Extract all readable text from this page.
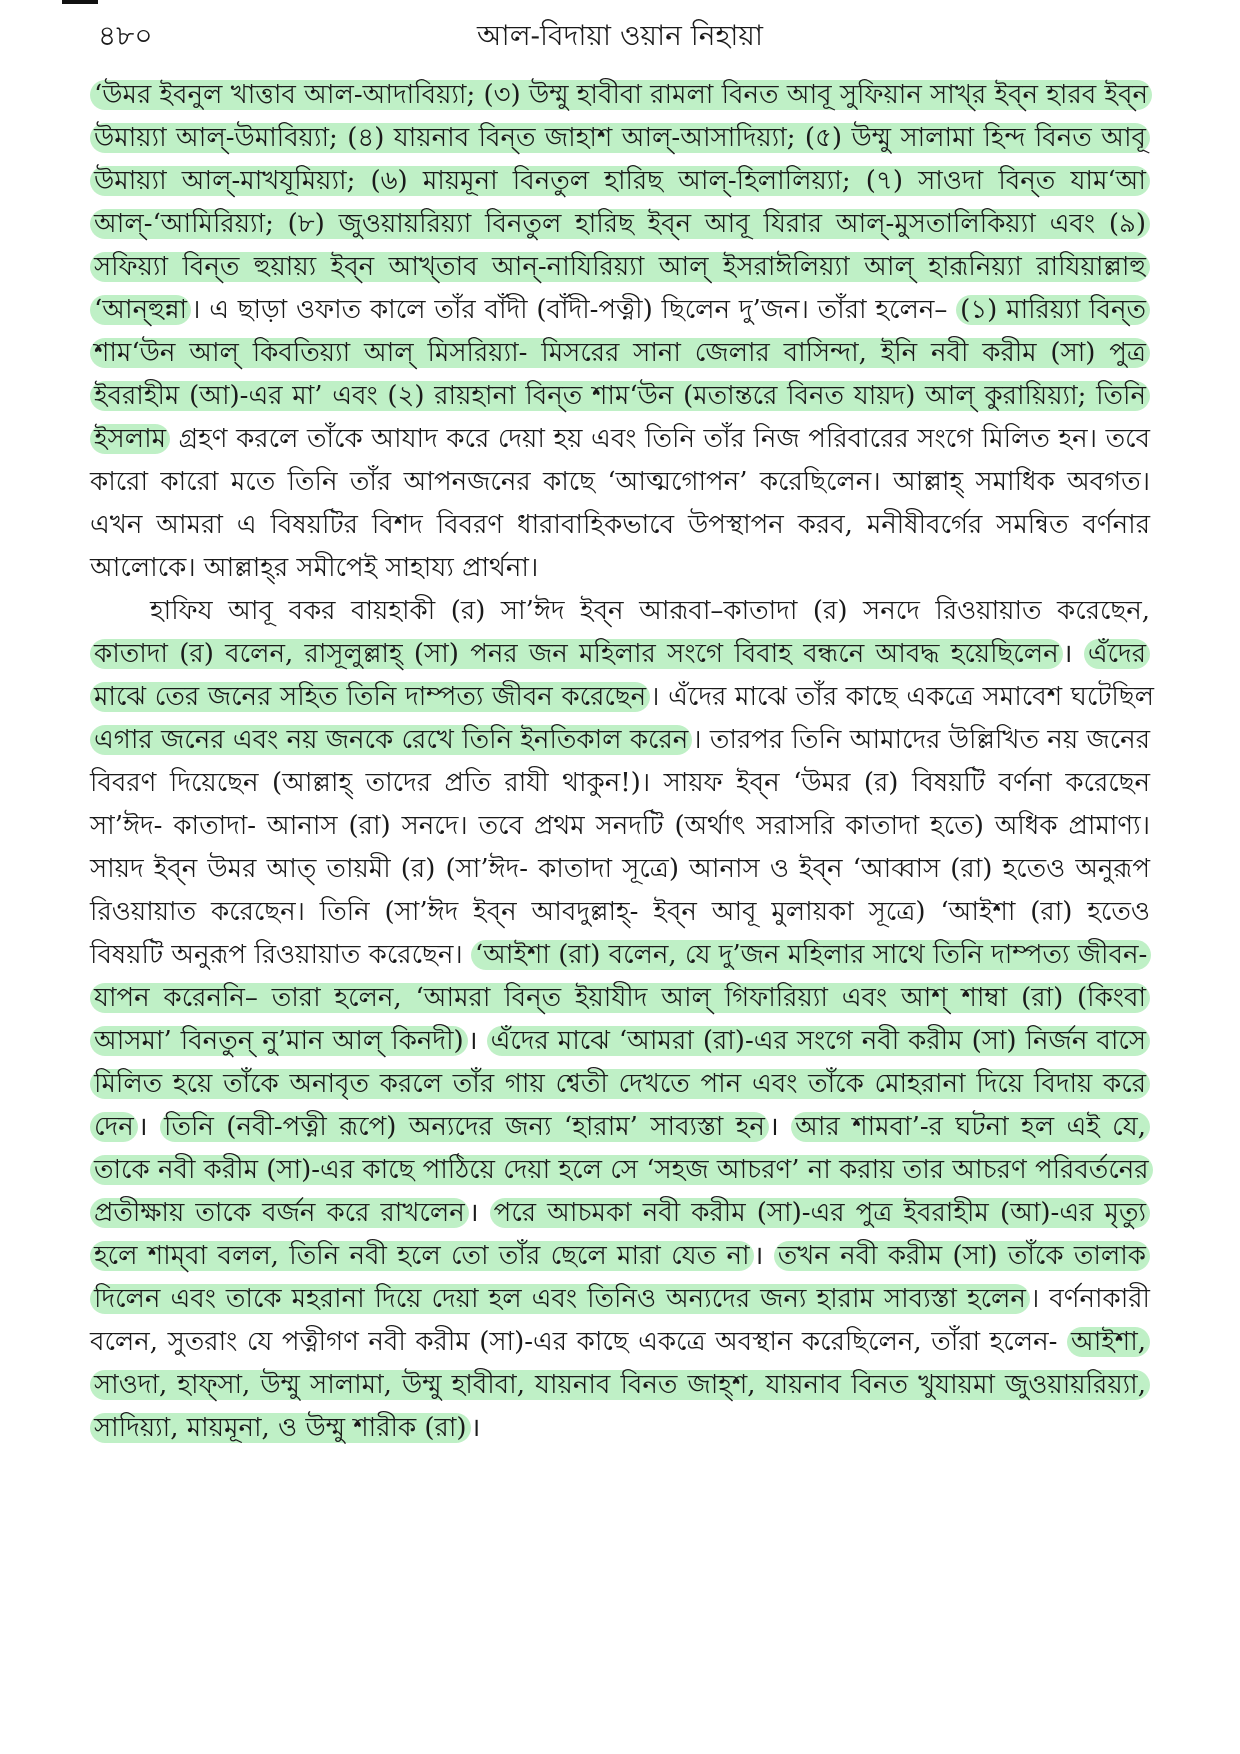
৪৮০	আল-বিদায়া ওয়ান নিহায়া

‘উমর ইবনুল খাত্তাব আল-আদাবিয়্যা; (৩) উম্মু হাবীবা রামলা বিনত আবূ সুফিয়ান সাখ্‌র ইব্‌ন হারব ইব্‌ন উমায়্যা আল্‌-উমাবিয়্যা; (৪) যায়নাব বিন্‌ত জাহাশ আল্‌-আসাদিয়্যা; (৫) উম্মু সালামা হিন্দ বিনত আবূ উমায়্যা আল্‌-মাখযূমিয়্যা; (৬) মায়মূনা বিনতুল হারিছ আল্‌-হিলালিয়্যা; (৭) সাওদা বিন্‌ত যাম‘আ আল্‌-‘আমিরিয়্যা; (৮) জুওয়ায়রিয়্যা বিনতুল হারিছ ইব্‌ন আবূ যিরার আল্‌-মুসতালিকিয়্যা এবং (৯) সফিয়্যা বিন্‌ত হুয়ায়্য ইব্‌ন আখ্‌তাব আন্‌-নাযিরিয়্যা আল্‌ ইসরাঈলিয়্যা আল্‌ হারূনিয়্যা রাযিয়াল্লাহু ‘আন্‌হুন্না । এ ছাড়া ওফাত কালে তাঁর বাঁদী (বাঁদী-পত্নী) ছিলেন দু’জন। তাঁরা হলেন– (১) মারিয়্যা বিন্‌ত শাম‘উন আল্‌ কিবতিয়্যা আল্‌ মিসরিয়্যা- মিসরের সানা জেলার বাসিন্দা, ইনি নবী করীম (সা) পুত্র ইবরাহীম (আ)-এর মা’ এবং (২) রায়হানা বিন্‌ত শাম‘উন (মতান্তরে বিনত যায়দ) আল্‌ কুরায়িয়্যা; তিনি ইসলাম গ্রহণ করলে তাঁকে আযাদ করে দেয়া হয় এবং তিনি তাঁর নিজ পরিবারের সংগে মিলিত হন। তবে কারো কারো মতে তিনি তাঁর আপনজনের কাছে ‘আত্মগোপন’ করেছিলেন। আল্লাহ্‌ সমাধিক অবগত। এখন আমরা এ বিষয়টির বিশদ বিবরণ ধারাবাহিকভাবে উপস্থাপন করব, মনীষীবর্গের সমন্বিত বর্ণনার আলোকে। আল্লাহ্‌র সমীপেই সাহায্য প্রার্থনা।

হাফিয আবূ বকর বায়হাকী (র) সা’ঈদ ইব্‌ন আরূবা–কাতাদা (র) সনদে রিওয়ায়াত করেছেন, কাতাদা (র) বলেন, রাসূলুল্লাহ্‌ (সা) পনর জন মহিলার সংগে বিবাহ বন্ধনে আবদ্ধ হয়েছিলেন । এঁদের মাঝে তের জনের সহিত তিনি দাম্পত্য জীবন করেছেন । এঁদের মাঝে তাঁর কাছে একত্রে সমাবেশ ঘটেছিল এগার জনের এবং নয় জনকে রেখে তিনি ইনতিকাল করেন । তারপর তিনি আমাদের উল্লিখিত নয় জনের বিবরণ দিয়েছেন (আল্লাহ্‌ তাদের প্রতি রাযী থাকুন!)। সায়ফ ইব্‌ন ‘উমর (র) বিষয়টি বর্ণনা করেছেন সা’ঈদ- কাতাদা- আনাস (রা) সনদে। তবে প্রথম সনদটি (অর্থাৎ সরাসরি কাতাদা হতে) অধিক প্রামাণ্য। সায়দ ইব্‌ন উমর আত্‌ তায়মী (র) (সা’ঈদ- কাতাদা সূত্রে) আনাস ও ইব্‌ন ‘আব্বাস (রা) হতেও অনুরূপ রিওয়ায়াত করেছেন। তিনি (সা’ঈদ ইব্‌ন আবদুল্লাহ্‌- ইব্‌ন আবূ মুলায়কা সূত্রে) ‘আইশা (রা) হতেও বিষয়টি অনুরূপ রিওয়ায়াত করেছেন। ‘আইশা (রা) বলেন, যে দু’জন মহিলার সাথে তিনি দাম্পত্য জীবন-যাপন করেননি– তারা হলেন, ‘আমরা বিন্‌ত ইয়াযীদ আল্‌ গিফারিয়্যা এবং আশ্‌ শাম্বা (রা) (কিংবা আসমা’ বিনতুন্‌ নু’মান আল্‌ কিনদী) । এঁদের মাঝে ‘আমরা (রা)-এর সংগে নবী করীম (সা) নির্জন বাসে মিলিত হয়ে তাঁকে অনাবৃত করলে তাঁর গায় শ্বেতী দেখতে পান এবং তাঁকে মোহরানা দিয়ে বিদায় করে দেন । তিনি (নবী-পত্নী রূপে) অন্যদের জন্য ‘হারাম’ সাব্যস্তা হন । আর শামবা’-র ঘটনা হল এই যে, তাকে নবী করীম (সা)-এর কাছে পাঠিয়ে দেয়া হলে সে ‘সহজ আচরণ’ না করায় তার আচরণ পরিবর্তনের প্রতীক্ষায় তাকে বর্জন করে রাখলেন । পরে আচমকা নবী করীম (সা)-এর পুত্র ইবরাহীম (আ)-এর মৃত্যু হলে শাম্‌বা বলল, তিনি নবী হলে তো তাঁর ছেলে মারা যেত না । তখন নবী করীম (সা) তাঁকে তালাক দিলেন এবং তাকে মহরানা দিয়ে দেয়া হল এবং তিনিও অন্যদের জন্য হারাম সাব্যস্তা হলেন । বর্ণনাকারী বলেন, সুতরাং যে পত্নীগণ নবী করীম (সা)-এর কাছে একত্রে অবস্থান করেছিলেন, তাঁরা হলেন- আইশা, সাওদা, হাফ্‌সা, উম্মু সালামা, উম্মু হাবীবা, যায়নাব বিনত জাহ্‌শ, যায়নাব বিনত খুযায়মা জুওয়ায়রিয়্যা, সাদিয়্যা, মায়মূনা, ও উম্মু শারীক (রা) ।
